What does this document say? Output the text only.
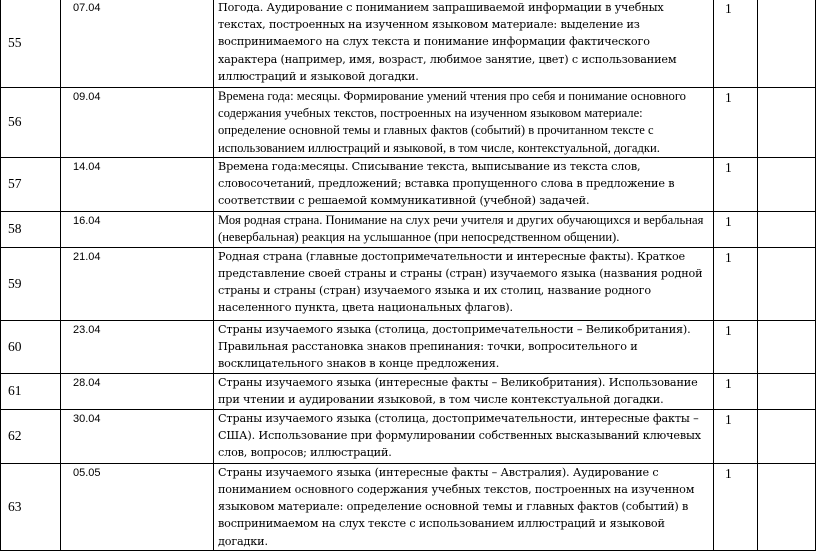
55	07.04	Погода. Аудирование с пониманием запрашиваемой информации в учебных текстах, построенных на изученном языковом материале: выделение из воспринимаемого на слух текста и понимание информации фактического характера (например, имя, возраст, любимое занятие, цвет) с использованием иллюстраций и языковой догадки.	1	
56	09.04	Времена года: месяцы. Формирование умений чтения про себя и понимание основного содержания учебных текстов, построенных на изученном языковом материале: определение основной темы и главных фактов (событий) в прочитанном тексте с использованием иллюстраций и языковой, в том числе, контекстуальной, догадки.	1	
57	14.04	Времена года:месяцы. Списывание текста, выписывание из текста слов, словосочетаний, предложений; вставка пропущенного слова в предложение в соответствии с решаемой коммуникативной (учебной) задачей.	1	
58	16.04	Моя родная страна. Понимание на слух речи учителя и других обучающихся и вербальная (невербальная) реакция на услышанное (при непосредственном общении).	1	
59	21.04	Родная страна (главные достопримечательности и интересные факты). Краткое представление своей страны и страны (стран) изучаемого языка (названия родной страны и страны (стран) изучаемого языка и их столиц, название родного населенного пункта, цвета национальных флагов).	1	
60	23.04	Страны изучаемого языка (столица, достопримечательности – Великобритания). Правильная расстановка знаков препинания: точки, вопросительного и восклицательного знаков в конце предложения.	1	
61	28.04	Страны изучаемого языка (интересные факты – Великобритания). Использование при чтении и аудировании языковой, в том числе контекстуальной догадки.	1	
62	30.04	Страны изучаемого языка (столица, достопримечательности, интересные факты – США). Использование при формулировании собственных высказываний ключевых слов, вопросов; иллюстраций.	1	
63	05.05	Страны изучаемого языка (интересные факты – Австралия). Аудирование с пониманием основного содержания учебных текстов, построенных на изученном языковом материале: определение основной темы и главных фактов (событий) в воспринимаемом на слух тексте с использованием иллюстраций и языковой догадки.	1	
